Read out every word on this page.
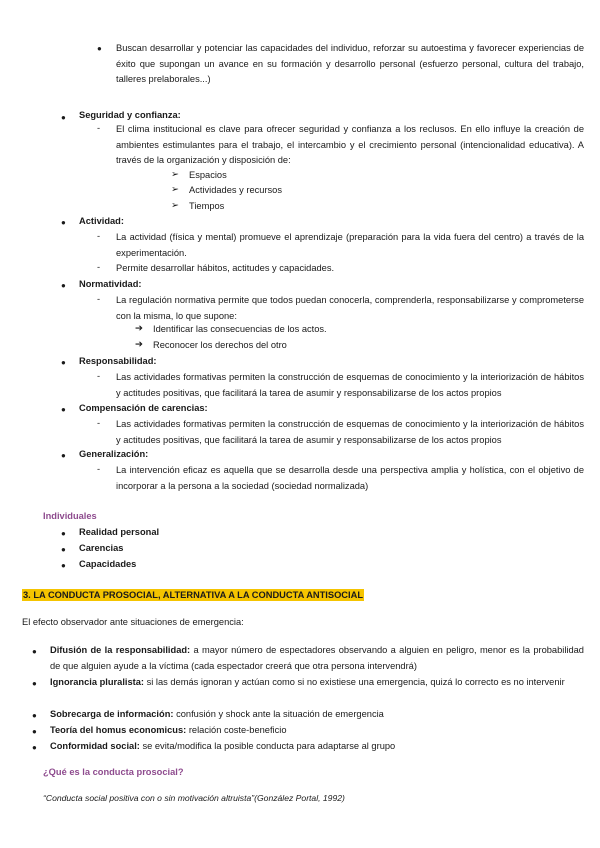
● Buscan desarrollar y potenciar las capacidades del individuo, reforzar su autoestima y favorecer experiencias de éxito que supongan un avance en su formación y desarrollo personal (esfuerzo personal, cultura del trabajo, talleres prelaborales...)
● Seguridad y confianza:
- El clima institucional es clave para ofrecer seguridad y confianza a los reclusos. En ello influye la creación de ambientes estimulantes para el trabajo, el intercambio y el crecimiento personal (intencionalidad educativa). A través de la organización y disposición de:
➢ Espacios
➢ Actividades y recursos
➢ Tiempos
● Actividad:
- La actividad (física y mental) promueve el aprendizaje (preparación para la vida fuera del centro) a través de la experimentación.
- Permite desarrollar hábitos, actitudes y capacidades.
● Normatividad:
- La regulación normativa permite que todos puedan conocerla, comprenderla, responsabilizarse y comprometerse con la misma, lo que supone:
➔ Identificar las consecuencias de los actos.
➔ Reconocer los derechos del otro
● Responsabilidad:
- Las actividades formativas permiten la construcción de esquemas de conocimiento y la interiorización de hábitos y actitudes positivas, que facilitará la tarea de asumir y responsabilizarse de los actos propios
● Compensación de carencias:
- Las actividades formativas permiten la construcción de esquemas de conocimiento y la interiorización de hábitos y actitudes positivas, que facilitará la tarea de asumir y responsabilizarse de los actos propios
● Generalización:
- La intervención eficaz es aquella que se desarrolla desde una perspectiva amplia y holística, con el objetivo de incorporar a la persona a la sociedad (sociedad normalizada)
Individuales
● Realidad personal
● Carencias
● Capacidades
3. LA CONDUCTA PROSOCIAL, ALTERNATIVA A LA CONDUCTA ANTISOCIAL
El efecto observador ante situaciones de emergencia:
● Difusión de la responsabilidad: a mayor número de espectadores observando a alguien en peligro, menor es la probabilidad de que alguien ayude a la víctima (cada espectador creerá que otra persona intervendrá)
● Ignorancia pluralista: si las demás ignoran y actúan como si no existiese una emergencia, quizá lo correcto es no intervenir
● Sobrecarga de información: confusión y shock ante la situación de emergencia
● Teoría del homus economicus: relación coste-beneficio
● Conformidad social: se evita/modifica la posible conducta para adaptarse al grupo
¿Qué es la conducta prosocial?
“Conducta social positiva con o sin motivación altruista”(González Portal, 1992)
